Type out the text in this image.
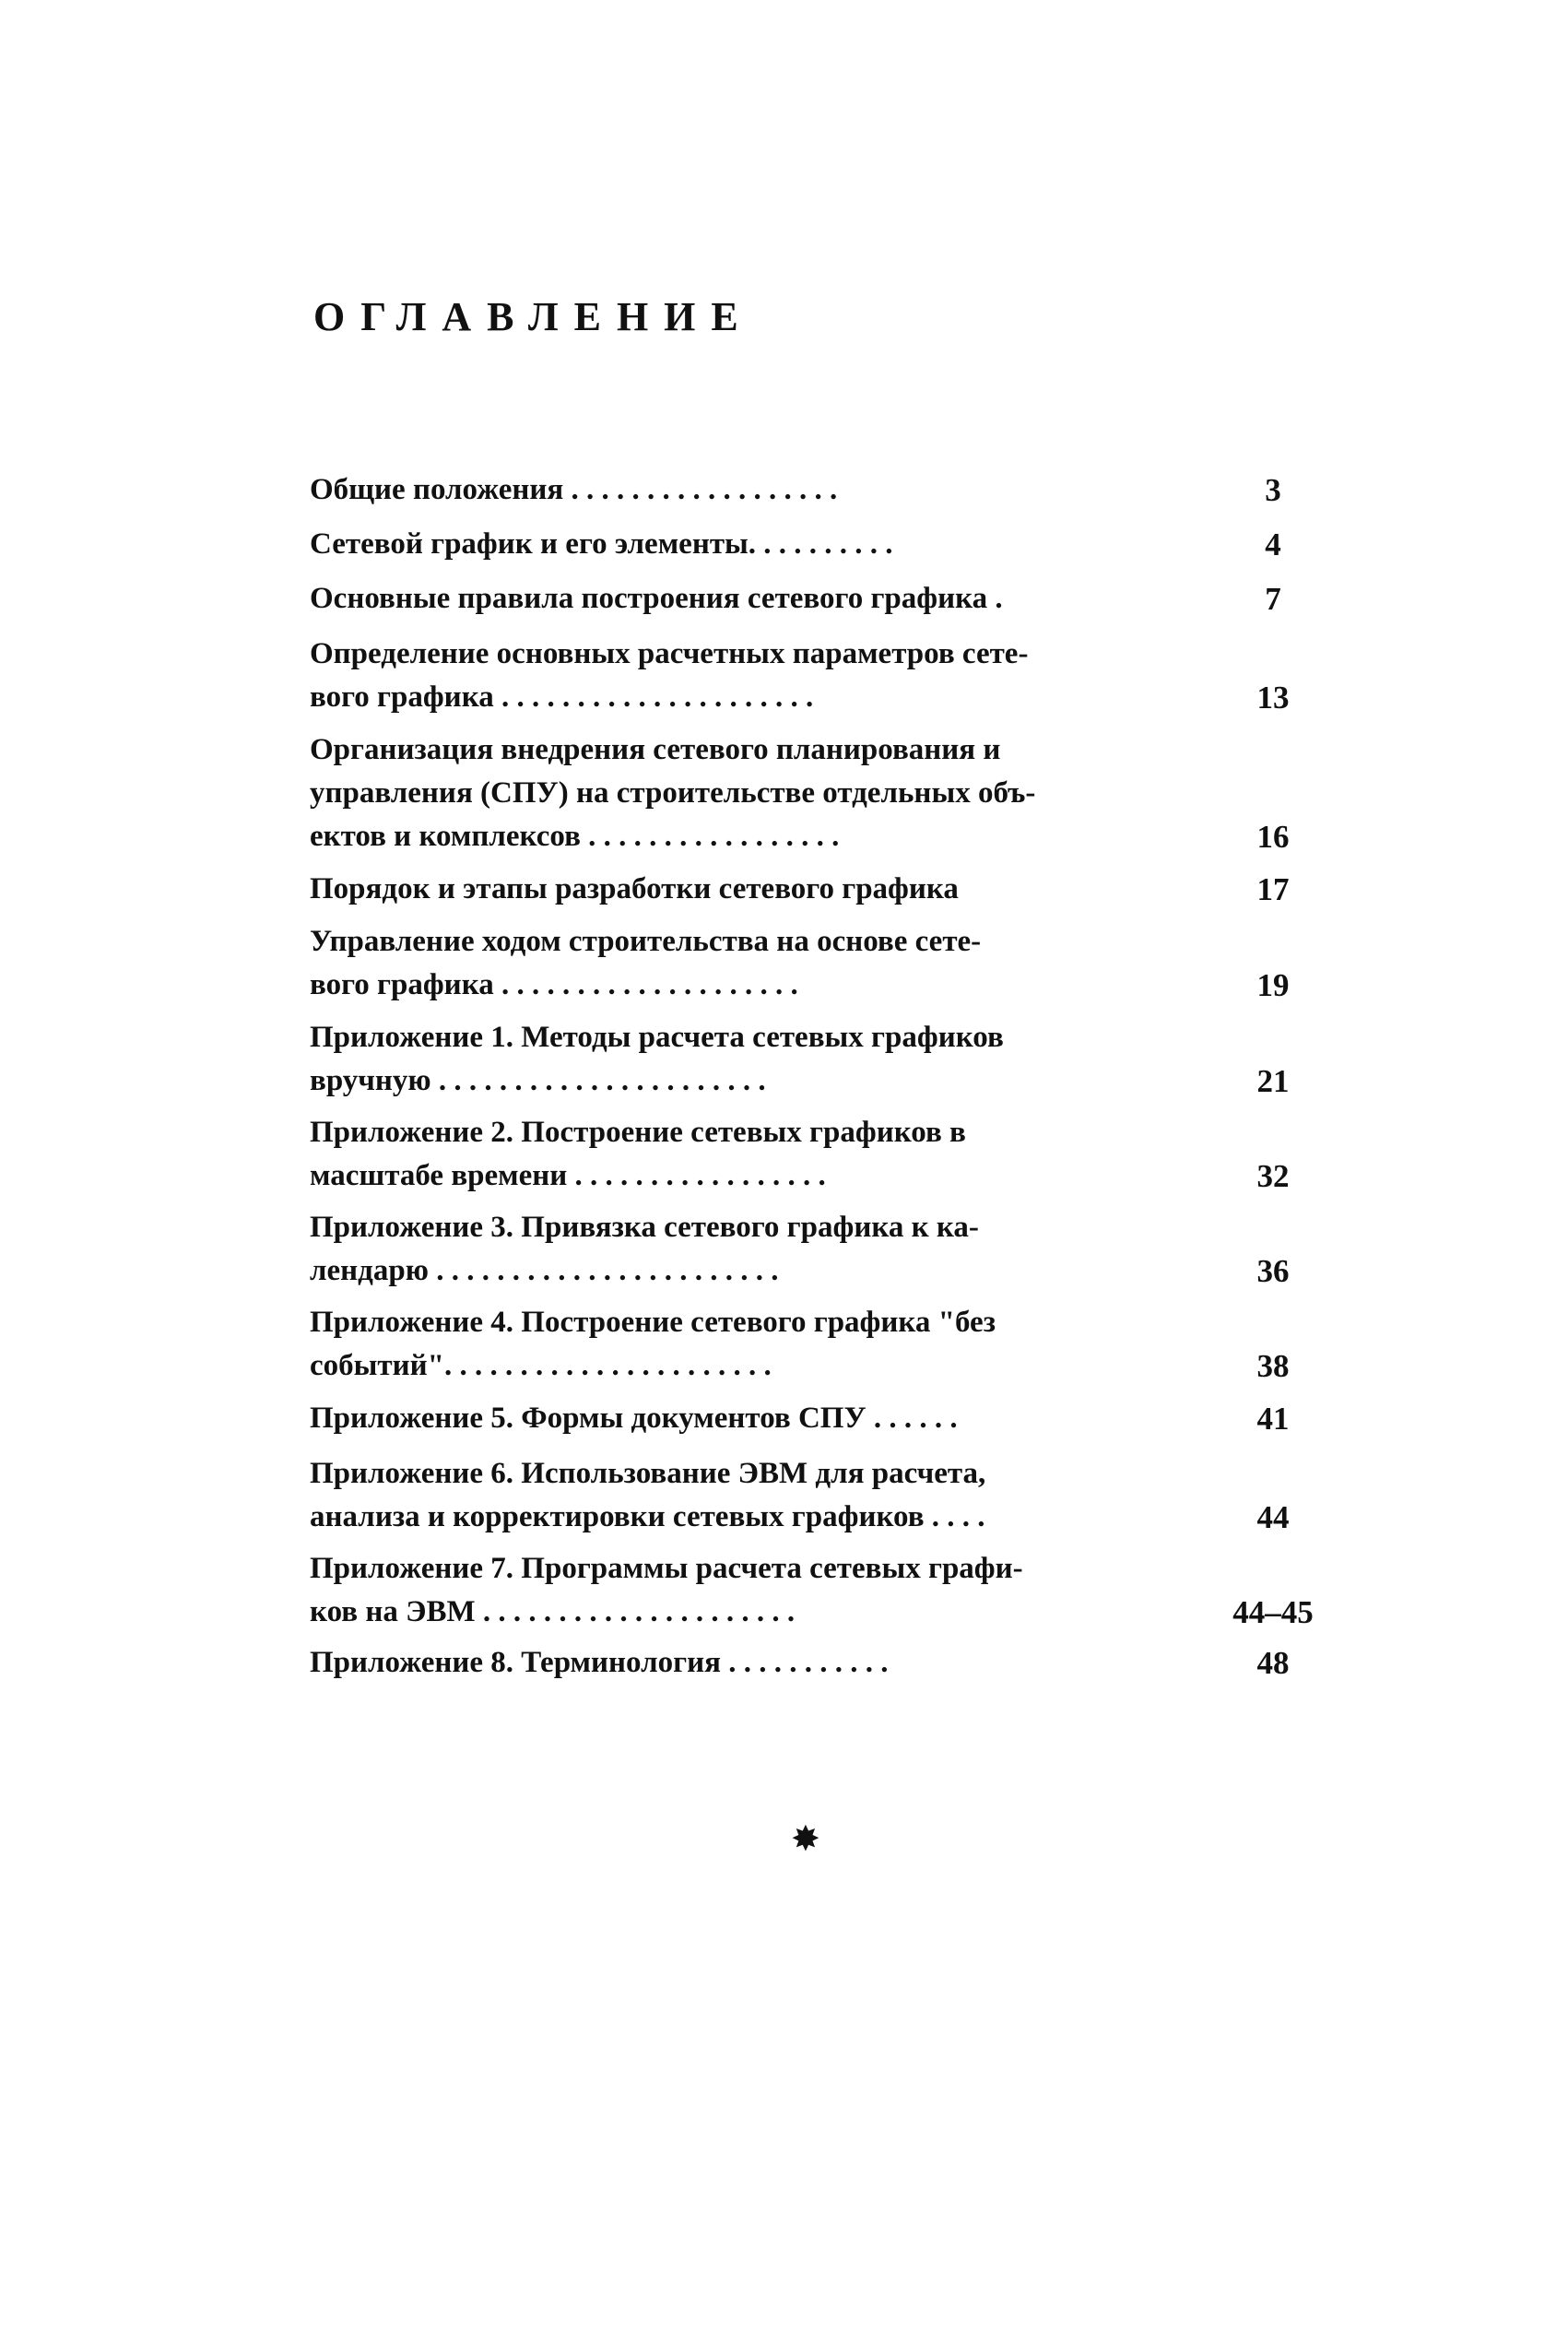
ОГЛАВЛЕНИЕ
Общие положения . . . . . . . . . . . . . . . . . .	3
Сетевой график и его элементы. . . . . . . . . .	4
Основные правила построения сетевого графика .	7
Определение основных расчетных параметров сете-
вого графика . . . . . . . . . . . . . . . . . . . . .	13
Организация внедрения сетевого планирования и
управления (СПУ) на строительстве отдельных объ-
ектов и комплексов . . . . . . . . . . . . . . . . .	16
Порядок и этапы разработки сетевого графика	17
Управление ходом строительства на основе сете-
вого графика . . . . . . . . . . . . . . . . . . . .	19
Приложение 1. Методы расчета сетевых графиков
вручную . . . . . . . . . . . . . . . . . . . . . .	21
Приложение 2. Построение сетевых графиков в
масштабе времени . . . . . . . . . . . . . . . . .	32
Приложение 3. Привязка сетевого графика к ка-
лендарю . . . . . . . . . . . . . . . . . . . . . . .	36
Приложение 4. Построение сетевого графика "без
событий". . . . . . . . . . . . . . . . . . . . . .	38
Приложение 5. Формы документов СПУ . . . . . .	41
Приложение 6. Использование ЭВМ для расчета,
анализа и корректировки сетевых графиков . . . .	44
Приложение 7. Программы расчета сетевых графи-
ков на ЭВМ . . . . . . . . . . . . . . . . . . . . .	44–45
Приложение 8. Терминология . . . . . . . . . . .	48
✸
